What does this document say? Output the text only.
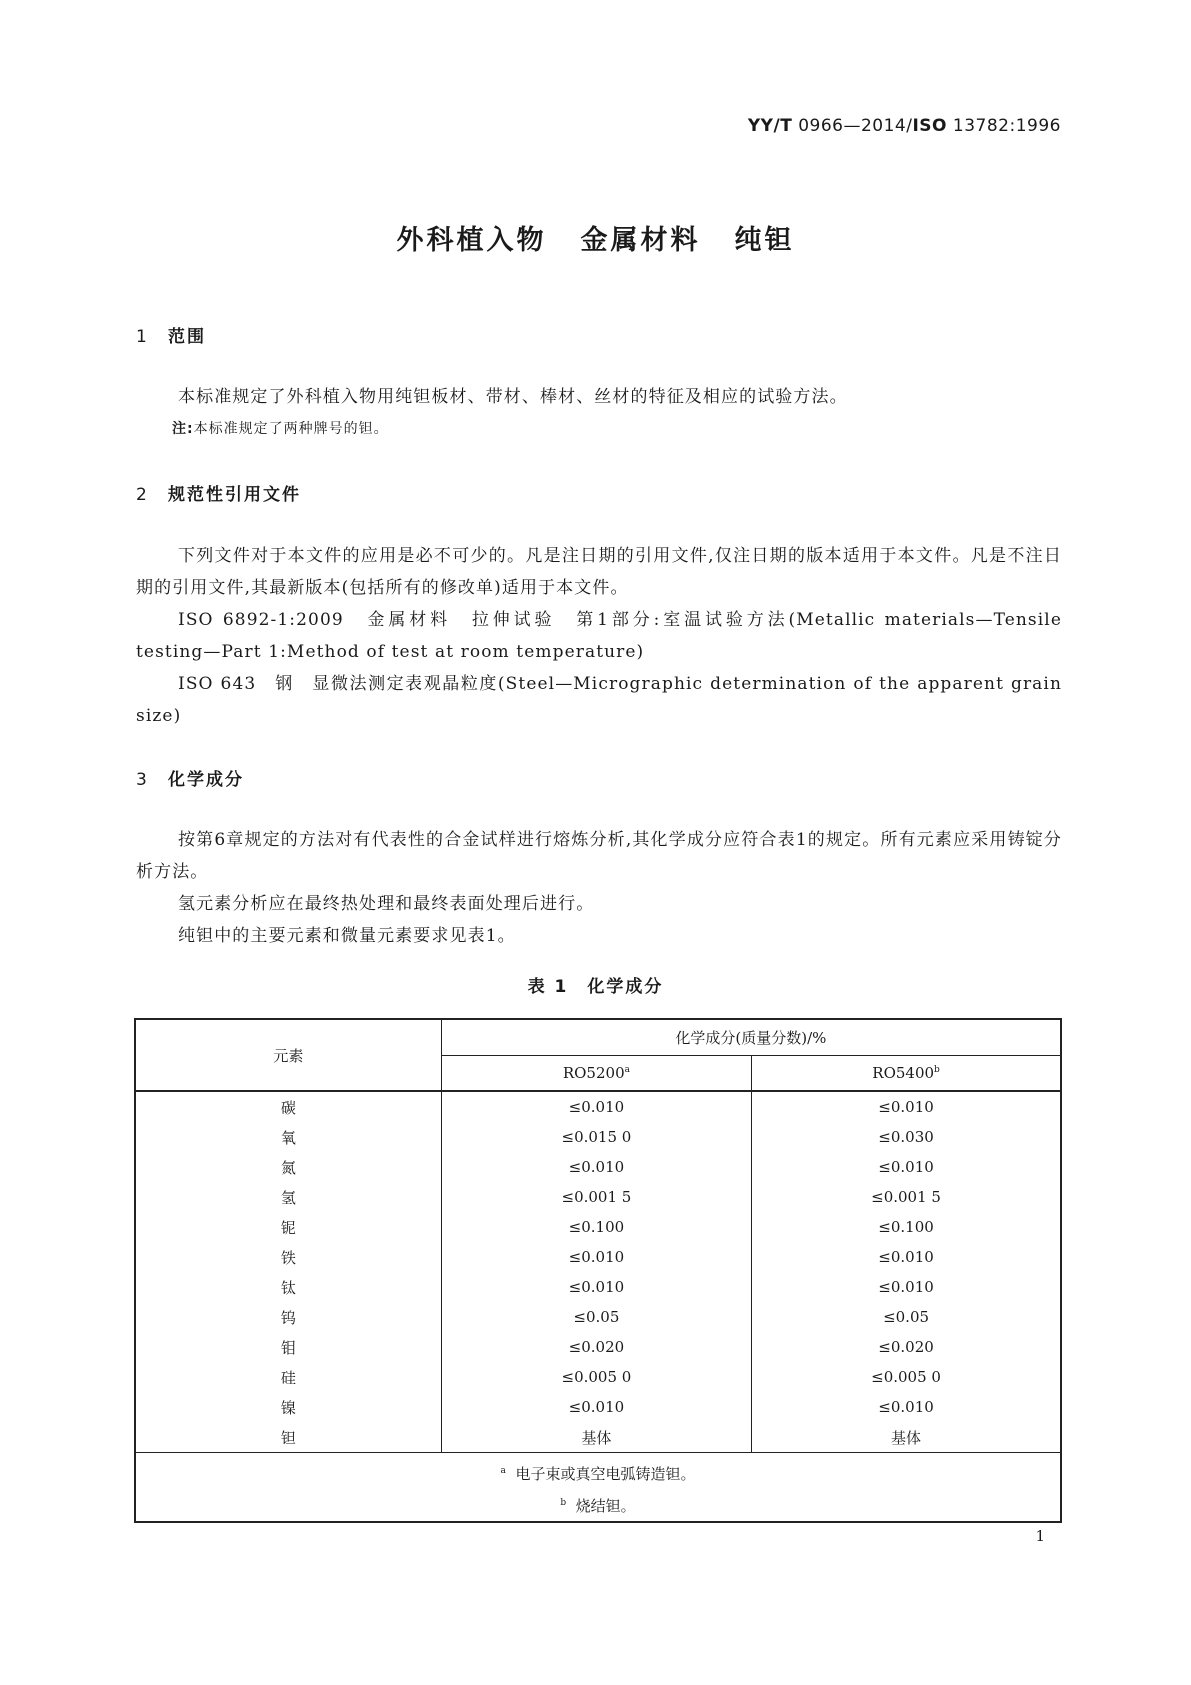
YY/T 0966—2014/ISO 13782:1996
外科植入物 金属材料 纯钽
1 范围
本标准规定了外科植入物用纯钽板材、带材、棒材、丝材的特征及相应的试验方法。
注:本标准规定了两种牌号的钽。
2 规范性引用文件
下列文件对于本文件的应用是必不可少的。凡是注日期的引用文件,仅注日期的版本适用于本文件。凡是不注日期的引用文件,其最新版本(包括所有的修改单)适用于本文件。
ISO 6892-1:2009　金属材料　拉伸试验　第1部分:室温试验方法(Metallic materials—Tensile testing—Part 1:Method of test at room temperature)
ISO 643　钢　显微法测定表观晶粒度(Steel—Micrographic determination of the apparent grain size)
3 化学成分
按第6章规定的方法对有代表性的合金试样进行熔炼分析,其化学成分应符合表1的规定。所有元素应采用铸锭分析方法。
氢元素分析应在最终热处理和最终表面处理后进行。
纯钽中的主要元素和微量元素要求见表1。
表 1　化学成分
元素	化学成分(质量分数)/%	
	RO5200$^a$	RO5400$^b$
碳	≤0.010	≤0.010
氧	≤0.015 0	≤0.030
氮	≤0.010	≤0.010
氢	≤0.001 5	≤0.001 5
铌	≤0.100	≤0.100
铁	≤0.010	≤0.010
钛	≤0.010	≤0.010
钨	≤0.05	≤0.05
钼	≤0.020	≤0.020
硅	≤0.005 0	≤0.005 0
镍	≤0.010	≤0.010
钽	基体	基体
$^a$ 电子束或真空电弧铸造钽。		
$^b$ 烧结钽。		
1
